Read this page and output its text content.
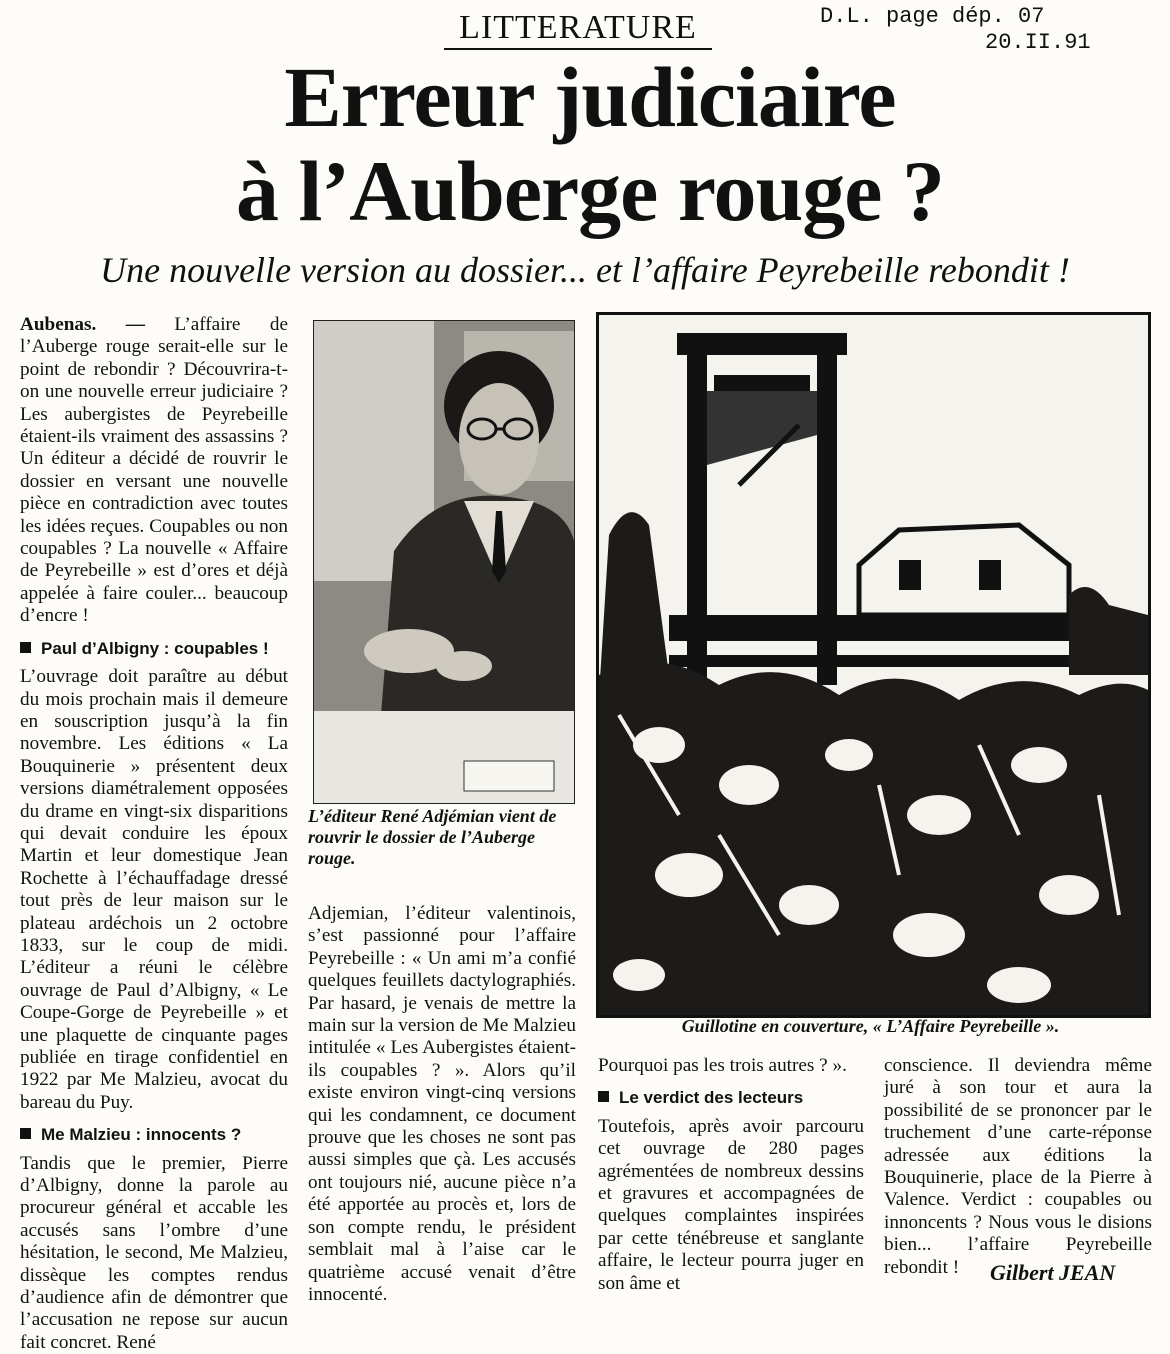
LITTERATURE	D.L. page dép. 07
20.II.91
Erreur judiciaire
à l’Auberge rouge ?
Une nouvelle version au dossier... et l’affaire Peyrebeille rebondit !

Aubenas. — L’affaire de l’Auberge rouge serait-elle sur le point de rebondir ? Découvrira-t-on une nouvelle erreur judiciaire ? Les aubergistes de Peyrebeille étaient-ils vraiment des assassins ? Un éditeur a décidé de rouvrir le dossier en versant une nouvelle pièce en contradiction avec toutes les idées reçues. Coupables ou non coupables ? La nouvelle « Affaire de Peyrebeille » est d’ores et déjà appelée à faire couler... beaucoup d’encre !

Paul d’Albigny : coupables !

L’ouvrage doit paraître au début du mois prochain mais il demeure en souscription jusqu’à la fin novembre. Les éditions « La Bouquinerie » présentent deux versions diamétralement opposées du drame en vingt-six disparitions qui devait conduire les époux Martin et leur domestique Jean Rochette à l’échauffadage dressé tout près de leur maison sur le plateau ardéchois un 2 octobre 1833, sur le coup de midi. L’éditeur a réuni le célèbre ouvrage de Paul d’Albigny, « Le Coupe-Gorge de Peyrebeille » et une plaquette de cinquante pages publiée en tirage confidentiel en 1922 par Me Malzieu, avocat du bareau du Puy.

Me Malzieu : innocents ?

Tandis que le premier, Pierre d’Albigny, donne la parole au procureur général et accable les accusés sans l’ombre d’une hésitation, le second, Me Malzieu, dissèque les comptes rendus d’audience afin de démontrer que l’accusation ne repose sur aucun fait concret. René

L’éditeur René Adjémian vient de rouvrir le dossier de l’Auberge rouge.
Guillotine en couverture, « L’Affaire Peyrebeille ».

Adjemian, l’éditeur valentinois, s’est passionné pour l’affaire Peyrebeille : « Un ami m’a confié quelques feuillets dactylographiés. Par hasard, je venais de mettre la main sur la version de Me Malzieu intitulée « Les Aubergistes étaient-ils coupables ? ». Alors qu’il existe environ vingt-cinq versions qui les condamnent, ce document prouve que les choses ne sont pas aussi simples que çà. Les accusés ont toujours nié, aucune pièce n’a été apportée au procès et, lors de son compte rendu, le président semblait mal à l’aise car le quatrième accusé venait d’être innocenté.

Pourquoi pas les trois autres ? ».

Le verdict des lecteurs

Toutefois, après avoir parcouru cet ouvrage de 280 pages agrémentées de nombreux dessins et gravures et accompagnées de quelques complaintes inspirées par cette ténébreuse et sanglante affaire, le lecteur pourra juger en son âme et

conscience. Il deviendra même juré à son tour et aura la possibilité de se prononcer par le truchement d’une carte-réponse adressée aux éditions la Bouquinerie, place de la Pierre à Valence. Verdict : coupables ou innoncents ? Nous vous le disions bien... l’affaire Peyrebeille rebondit !	Gilbert JEAN
